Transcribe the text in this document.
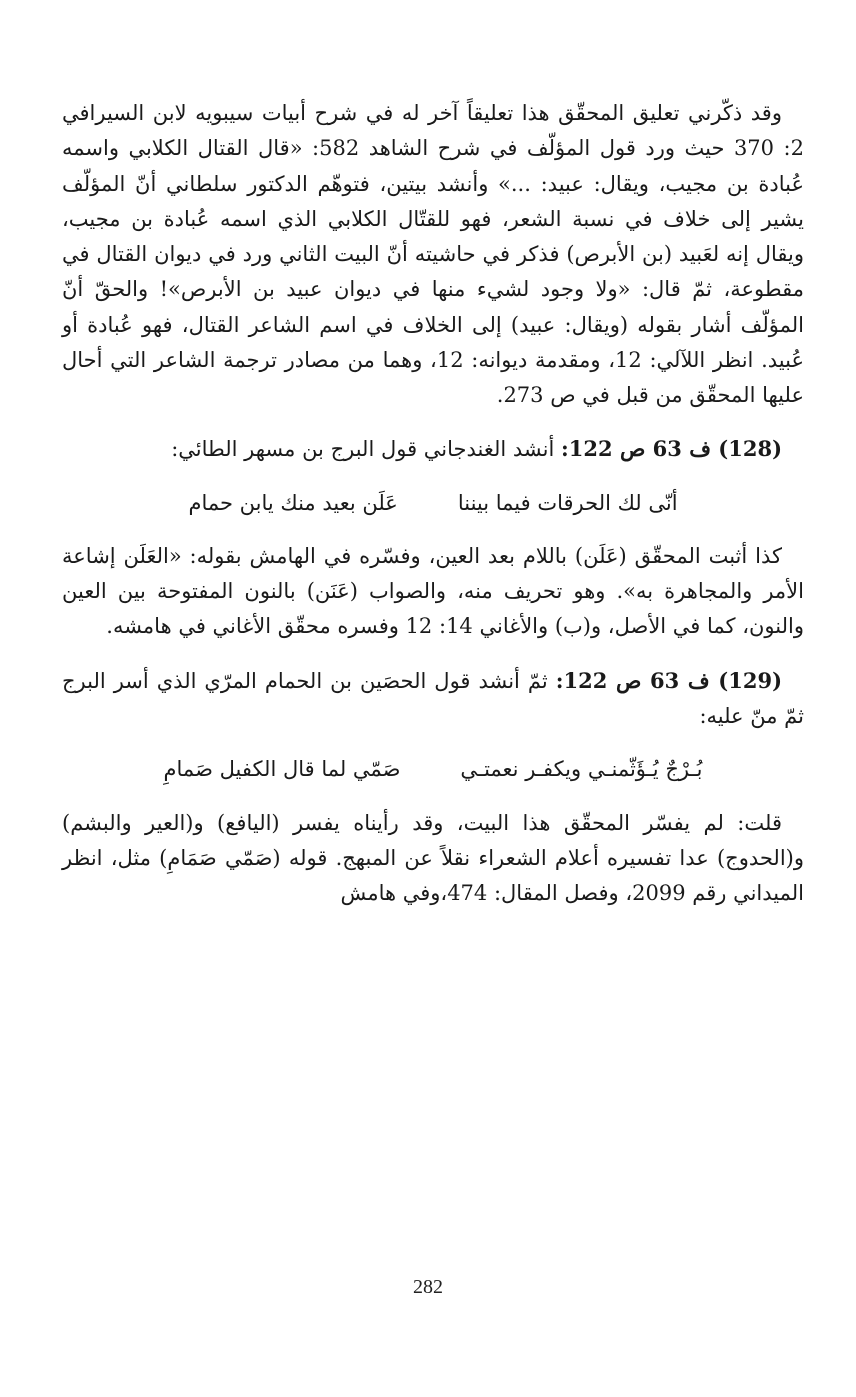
وقد ذكّرني تعليق المحقّق هذا تعليقاً آخر له في شرح أبيات سيبويه لابن السيرافي 2: 370 حيث ورد قول المؤلّف في شرح الشاهد 582: «قال القتال الكلابي واسمه عُبادة بن مجيب، ويقال: عبيد: ...» وأنشد بيتين، فتوهّم الدكتور سلطاني أنّ المؤلّف يشير إلى خلاف في نسبة الشعر، فهو للقتّال الكلابي الذي اسمه عُبادة بن مجيب، ويقال إنه لعَبيد (بن الأبرص) فذكر في حاشيته أنّ البيت الثاني ورد في ديوان القتال في مقطوعة، ثمّ قال: «ولا وجود لشيء منها في ديوان عبيد بن الأبرص»! والحقّ أنّ المؤلّف أشار بقوله (ويقال: عبيد) إلى الخلاف في اسم الشاعر القتال، فهو عُبادة أو عُبيد. انظر اللآلي: 12، ومقدمة ديوانه: 12، وهما من مصادر ترجمة الشاعر التي أحال عليها المحقّق من قبل في ص 273.

(128) ف 63 ص 122: أنشد الغندجاني قول البرج بن مسهر الطائي:

أنّى لك الحرقات فيما بيننا
عَلَن بعيد منك يابن حمام

كذا أثبت المحقّق (عَلَن) باللام بعد العين، وفسّره في الهامش بقوله: «العَلَن إشاعة الأمر والمجاهرة به». وهو تحريف منه، والصواب (عَنَن) بالنون المفتوحة بين العين والنون، كما في الأصل، و(ب) والأغاني 14: 12 وفسره محقّق الأغاني في هامشه.

(129) ف 63 ص 122: ثمّ أنشد قول الحصَين بن الحمام المرّي الذي أسر البرج ثمّ منّ عليه:

بُـرْجٌ يُـؤَثّمنـي ويكفـر نعمتـي
صَمّي لما قال الكفيل صَمامِ

قلت: لم يفسّر المحقّق هذا البيت، وقد رأيناه يفسر (اليافع) و(العير والبشم) و(الحدوج) عدا تفسيره أعلام الشعراء نقلاً عن المبهج. قوله (صَمّي صَمَامِ) مثل، انظر الميداني رقم 2099، وفصل المقال: 474،وفي هامش

282
